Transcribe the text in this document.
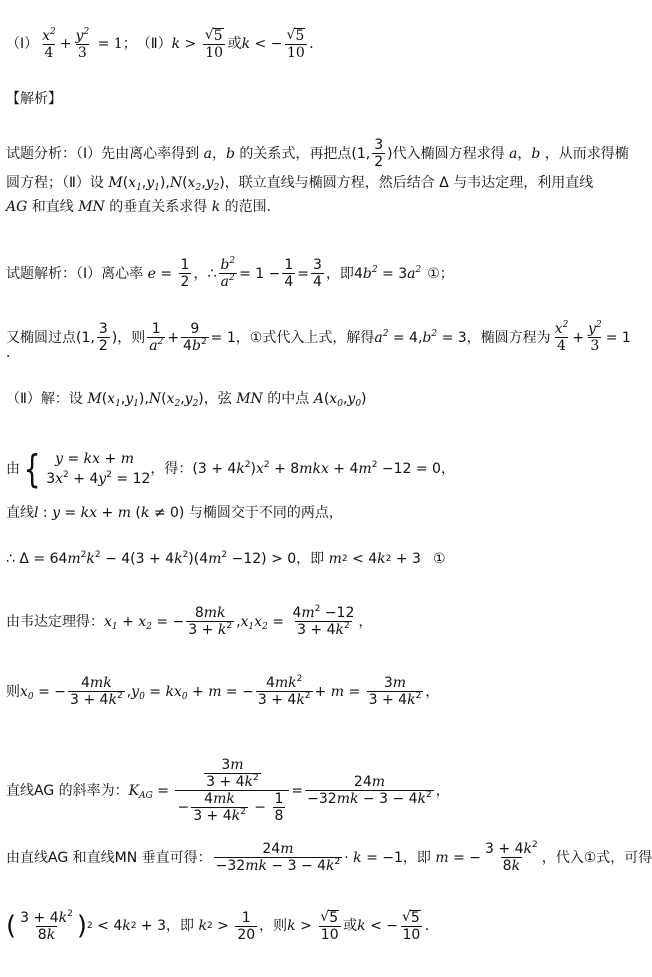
（Ⅰ） $\frac{x^2}{4} + \frac{y^2}{3} = 1$ ； （Ⅱ） $k > \frac{√ 5}{10}$ 或 k < − $\frac{√ 5}{10}$ ．
【解析】
试题分析：（Ⅰ）先由离心率得到 a ， b 的关系式，再把点 (1, $\frac{3}{2}$ ) 代入椭圆方程求得 a ， b ，从而求得椭
圆方程；（Ⅱ）设 M ( $x_1$ , $y_1$ ), N ( $x_2$ , $y_2$ ) ，联立直线与椭圆方程，然后结合 Δ 与韦达定理，利用直线
AG 和直线 MN 的垂直关系求得 k 的范围．
试题解析：（Ⅰ）离心率 $e = \frac{1}{2}$ ， ∴ $\frac{b^2}{a^2} = 1 - \frac{1}{4} = \frac{3}{4}$ ，即 4 $b^2 = 3$ $a^2$ ① ；
又椭圆过点 (1, $\frac{3}{2}$ ) ，则 $\frac{1}{a^2} + \frac{9}{4b^2} = 1$ ，①式代入上式，解得 $a^2 = 4$, $b^2 = 3$ ，椭圆方程为 $\frac{x^2}{4} + \frac{y^2}{3} = 1$
．
（Ⅱ）解：设 M ( $x_1$ , $y_1$ ), N ( $x_2$ , $y_2$ ) ，弦 MN 的中点 A ( $x_0$ , $y_0$ )
由 {	y = kx + m
$3x^2 + 4y^2 = 12$
，得： $(3 + 4k^2)x^2 + 8mkx + 4m^2 -12 = 0$ ，
直线 l : y = kx + m ( k ≠ 0) 与椭圆交于不同的两点，
∴ $\Delta = 64m^2k^2 - 4(3 + 4k^2)(4m^2 -12) > 0$ ，即 m 2 < 4 k 2 + 3 ①
由韦达定理得： $x_1 + x_2$ = − $\frac{8mk}{3 + k^2}$ , $x_1x_2 = \frac{4m^2 -12}{3 + 4k^2}$ ，
则 $x_0$ = − $\frac{4mk}{3 + 4k^2}$ , $y_0 = kx_0 + m$ = − $\frac{4mk^2}{3 + 4k^2} + m = \frac{3m}{3 + 4k^2}$ ，
直线AG 的斜率为： $K_{AG} = \frac{\frac{3m}{3 + 4k^2}}{- \frac{4mk}{3 + 4k^2} - \frac{1}{8}} = \frac{24m}{-32mk - 3 - 4k^2}$ ，
由直线AG 和直线MN 垂直可得： $\frac{24m}{-32mk - 3 - 4k^2} \cdot k = -1$ ，即 m = − $\frac{3 + 4k^2}{8k}$ ，代入①式，可得
( $\frac{3 + 4k^2}{8k}$ ) 2 < 4 k 2 + 3 ，即 k $2 > \frac{1}{20}$ ，则 $k > \frac{√ 5}{10}$ 或 k < − $\frac{√ 5}{10}$ ．
